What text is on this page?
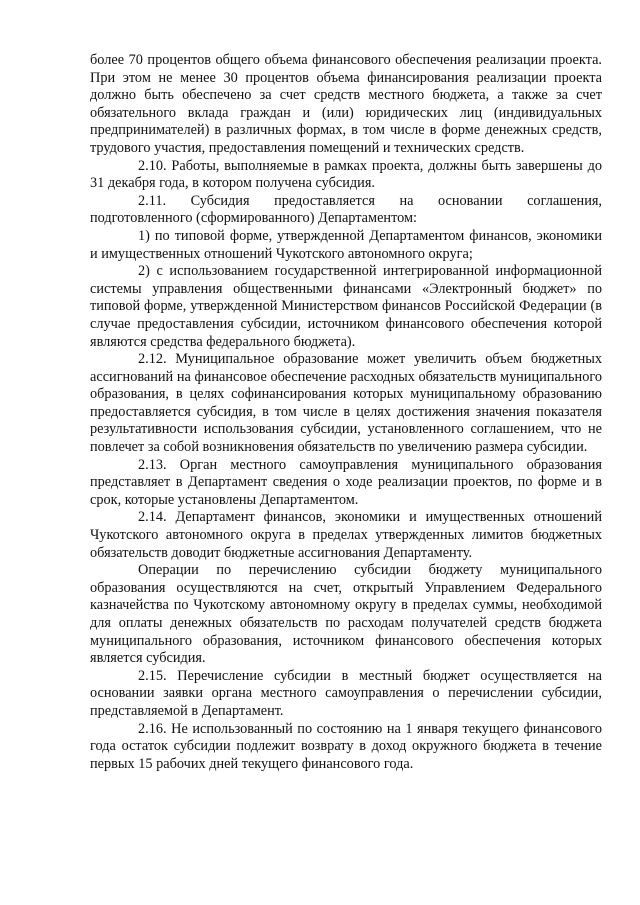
более 70 процентов общего объема финансового обеспечения реализации проекта. При этом не менее 30 процентов объема финансирования реализации проекта должно быть обеспечено за счет средств местного бюджета, а также за счет обязательного вклада граждан и (или) юридических лиц (индивидуальных предпринимателей) в различных формах, в том числе в форме денежных средств, трудового участия, предоставления помещений и технических средств.

2.10. Работы, выполняемые в рамках проекта, должны быть завершены до 31 декабря года, в котором получена субсидия.

2.11. Субсидия предоставляется на основании соглашения, подготовленного (сформированного) Департаментом:

1) по типовой форме, утвержденной Департаментом финансов, экономики и имущественных отношений Чукотского автономного округа;

2) с использованием государственной интегрированной информационной системы управления общественными финансами «Электронный бюджет» по типовой форме, утвержденной Министерством финансов Российской Федерации (в случае предоставления субсидии, источником финансового обеспечения которой являются средства федерального бюджета).

2.12. Муниципальное образование может увеличить объем бюджетных ассигнований на финансовое обеспечение расходных обязательств муниципального образования, в целях софинансирования которых муниципальному образованию предоставляется субсидия, в том числе в целях достижения значения показателя результативности использования субсидии, установленного соглашением, что не повлечет за собой возникновения обязательств по увеличению размера субсидии.

2.13. Орган местного самоуправления муниципального образования представляет в Департамент сведения о ходе реализации проектов, по форме и в срок, которые установлены Департаментом.

2.14. Департамент финансов, экономики и имущественных отношений Чукотского автономного округа в пределах утвержденных лимитов бюджетных обязательств доводит бюджетные ассигнования Департаменту.

Операции по перечислению субсидии бюджету муниципального образования осуществляются на счет, открытый Управлением Федерального казначейства по Чукотскому автономному округу в пределах суммы, необходимой для оплаты денежных обязательств по расходам получателей средств бюджета муниципального образования, источником финансового обеспечения которых является субсидия.

2.15. Перечисление субсидии в местный бюджет осуществляется на основании заявки органа местного самоуправления о перечислении субсидии, представляемой в Департамент.

2.16. Не использованный по состоянию на 1 января текущего финансового года остаток субсидии подлежит возврату в доход окружного бюджета в течение первых 15 рабочих дней текущего финансового года.
